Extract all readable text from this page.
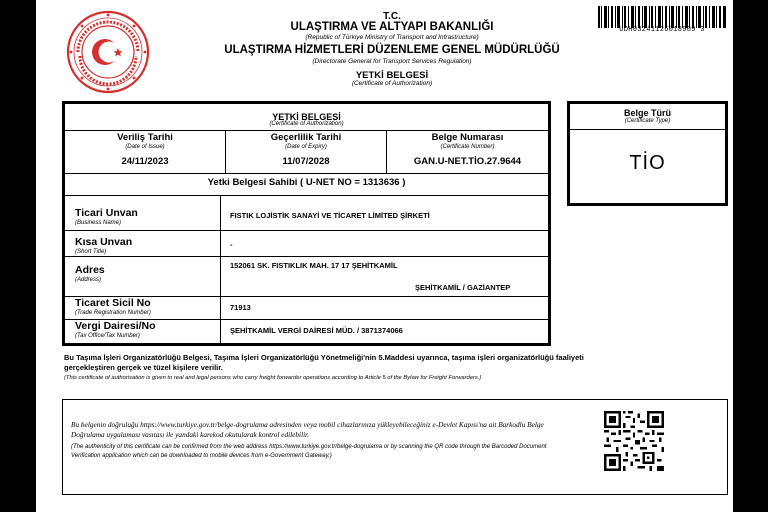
UDH03241126018909 3
T.C.
ULAŞTIRMA VE ALTYAPI BAKANLIĞI
(Republic of Türkiye Ministry of Transport and Infrastructure)
ULAŞTIRMA HİZMETLERİ DÜZENLEME GENEL MÜDÜRLÜĞÜ
(Directorate General for Transport Services Regulation)
YETKİ BELGESİ
(Certificate of Authorization)
YETKİ BELGESİ
(Certificate of Authorization)
Veriliş Tarihi
(Date of Issue)
24/11/2023
Geçerlilik Tarihi
(Date of Expiry)
11/07/2028
Belge Numarası
(Certificate Number)
GAN.U-NET.TİO.27.9644
Yetki Belgesi Sahibi ( U-NET NO = 1313636 )
Ticari Unvan
(Business Name)
FISTIK LOJİSTİK SANAYİ VE TİCARET LİMİTED ŞİRKETİ
Kısa Unvan
(Short Title)
-
Adres
(Address)
152061 SK. FISTIKLIK MAH. 17 17 ŞEHİTKAMİL
ŞEHİTKAMİL / GAZİANTEP
Ticaret Sicil No
(Trade Registration Number)
71913
Vergi Dairesi/No
(Tax Office/Tax Number)
ŞEHİTKAMİL VERGİ DAİRESİ MÜD. / 3871374066
Belge Türü
(Certificate Type)
TİO
Bu Taşıma İşleri Organizatörlüğü Belgesi, Taşıma İşleri Organizatörlüğü Yönetmeliği'nin 5.Maddesi uyarınca, taşıma işleri organizatörlüğü faaliyeti gerçekleştiren gerçek ve tüzel kişilere verilir.
(This certificate of authorisation is given to real and legal persons who carry freight forwarder operations according to Article 5 of the Bylaw for Freight Forwarders.)
Bu belgenin doğruluğu https://www.turkiye.gov.tr/belge-dogrulama adresinden veya mobil cihazlarınıza yükleyebileceğiniz e-Devlet Kapısı'na ait Barkodlu Belge Doğrulama uygulaması vasıtası ile yandaki karekod okutularak kontrol edilebilir.
(The authenticity of this certificate can be confirmed from the web address https://www.turkiye.gov.tr/belge-dogrulama or by scanning the QR code through the Barcoded Document Verification application which can be downloaded to mobile devices from e-Government Gateway.)
